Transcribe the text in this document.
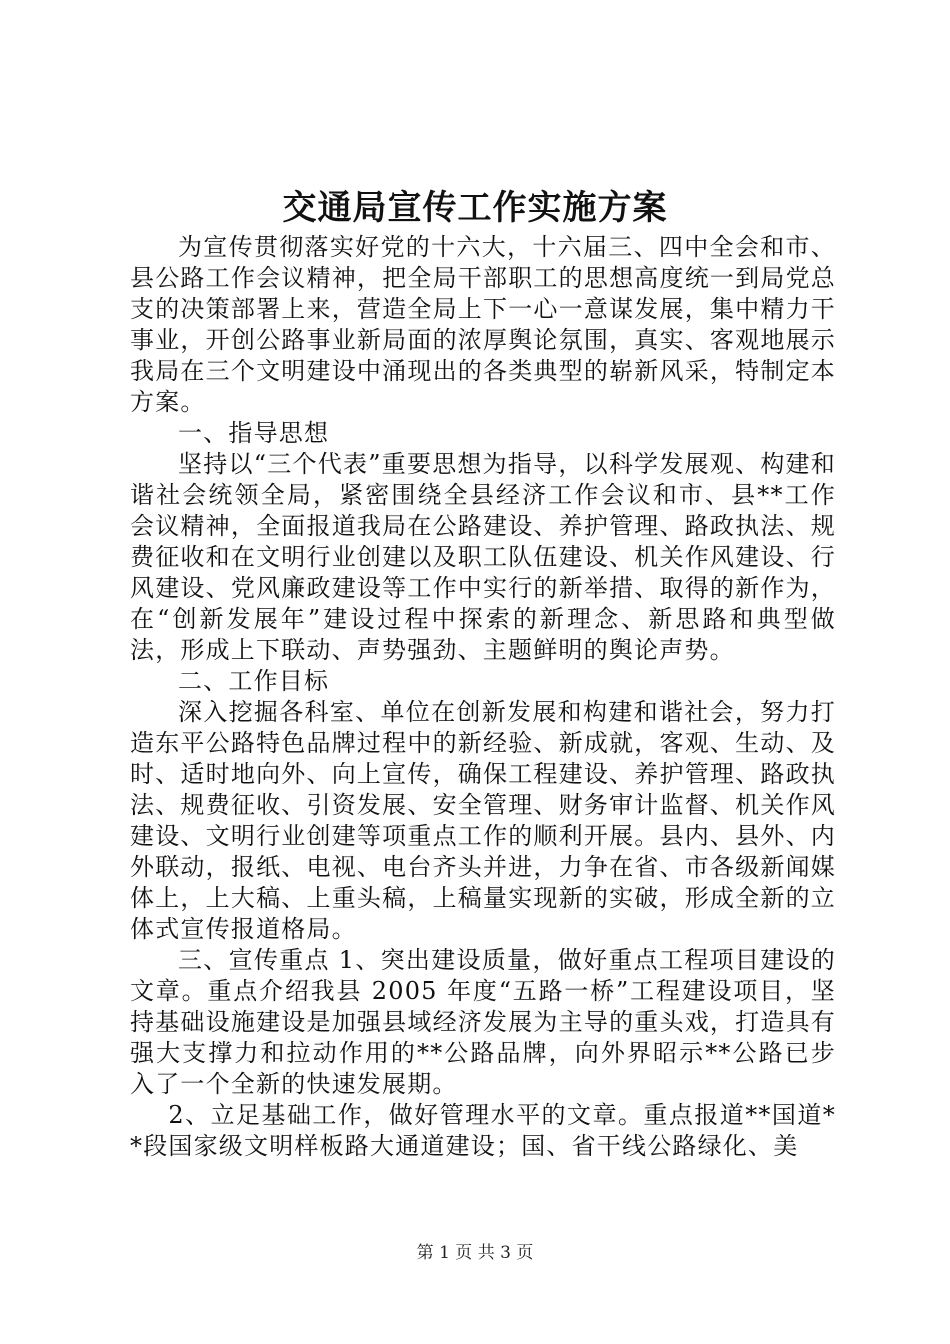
交通局宣传工作实施方案

为宣传贯彻落实好党的十六大，十六届三、四中全会和市、县公路工作会议精神，把全局干部职工的思想高度统一到局党总支的决策部署上来，营造全局上下一心一意谋发展，集中精力干事业，开创公路事业新局面的浓厚舆论氛围，真实、客观地展示我局在三个文明建设中涌现出的各类典型的崭新风采，特制定本方案。

一、指导思想

坚持以“三个代表”重要思想为指导，以科学发展观、构建和谐社会统领全局，紧密围绕全县经济工作会议和市、县**工作会议精神，全面报道我局在公路建设、养护管理、路政执法、规费征收和在文明行业创建以及职工队伍建设、机关作风建设、行风建设、党风廉政建设等工作中实行的新举措、取得的新作为，在“创新发展年”建设过程中探索的新理念、新思路和典型做法，形成上下联动、声势强劲、主题鲜明的舆论声势。

二、工作目标

深入挖掘各科室、单位在创新发展和构建和谐社会，努力打造东平公路特色品牌过程中的新经验、新成就，客观、生动、及时、适时地向外、向上宣传，确保工程建设、养护管理、路政执法、规费征收、引资发展、安全管理、财务审计监督、机关作风建设、文明行业创建等项重点工作的顺利开展。县内、县外、内外联动，报纸、电视、电台齐头并进，力争在省、市各级新闻媒体上，上大稿、上重头稿，上稿量实现新的实破，形成全新的立体式宣传报道格局。

三、宣传重点 1、突出建设质量，做好重点工程项目建设的文章。重点介绍我县 2005 年度“五路一桥”工程建设项目，坚持基础设施建设是加强县域经济发展为主导的重头戏，打造具有强大支撑力和拉动作用的**公路品牌，向外界昭示**公路已步入了一个全新的快速发展期。

2、立足基础工作，做好管理水平的文章。重点报道**国道**段国家级文明样板路大通道建设；国、省干线公路绿化、美

第 1 页 共 3 页
